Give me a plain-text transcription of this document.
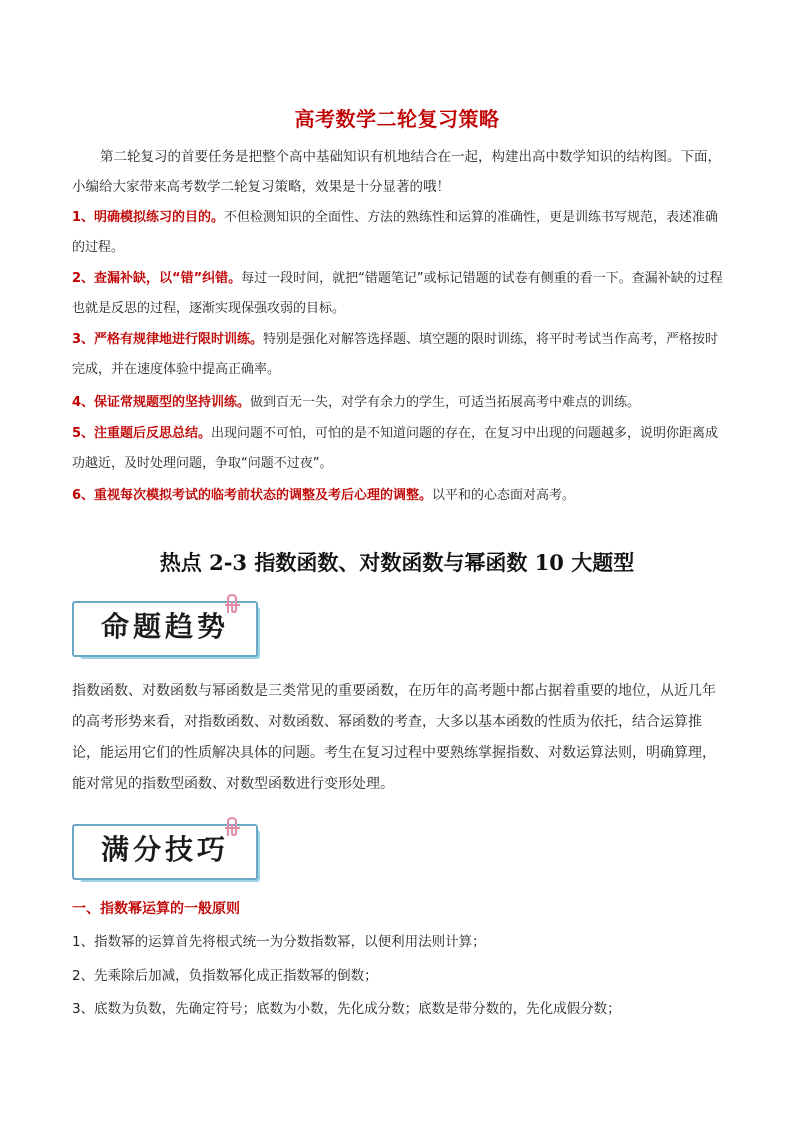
高考数学二轮复习策略
第二轮复习的首要任务是把整个高中基础知识有机地结合在一起，构建出高中数学知识的结构图。下面，小编给大家带来高考数学二轮复习策略，效果是十分显著的哦！
1、明确模拟练习的目的。不但检测知识的全面性、方法的熟练性和运算的准确性，更是训练书写规范，表述准确的过程。
2、查漏补缺，以“错”纠错。每过一段时间，就把“错题笔记”或标记错题的试卷有侧重的看一下。查漏补缺的过程也就是反思的过程，逐渐实现保强攻弱的目标。
3、严格有规律地进行限时训练。特别是强化对解答选择题、填空题的限时训练，将平时考试当作高考，严格按时完成，并在速度体验中提高正确率。
4、保证常规题型的坚持训练。做到百无一失，对学有余力的学生，可适当拓展高考中难点的训练。
5、注重题后反思总结。出现问题不可怕，可怕的是不知道问题的存在，在复习中出现的问题越多，说明你距离成功越近，及时处理问题，争取“问题不过夜”。
6、重视每次模拟考试的临考前状态的调整及考后心理的调整。以平和的心态面对高考。
热点 2-3 指数函数、对数函数与幂函数 10 大题型
命题趋势
指数函数、对数函数与幂函数是三类常见的重要函数，在历年的高考题中都占据着重要的地位，从近几年的高考形势来看，对指数函数、对数函数、幂函数的考查，大多以基本函数的性质为依托，结合运算推论，能运用它们的性质解决具体的问题。考生在复习过程中要熟练掌握指数、对数运算法则，明确算理，能对常见的指数型函数、对数型函数进行变形处理。
满分技巧
一、指数幂运算的一般原则
1、指数幂的运算首先将根式统一为分数指数幂，以便利用法则计算；
2、先乘除后加减，负指数幂化成正指数幂的倒数；
3、底数为负数，先确定符号；底数为小数，先化成分数；底数是带分数的，先化成假分数；
